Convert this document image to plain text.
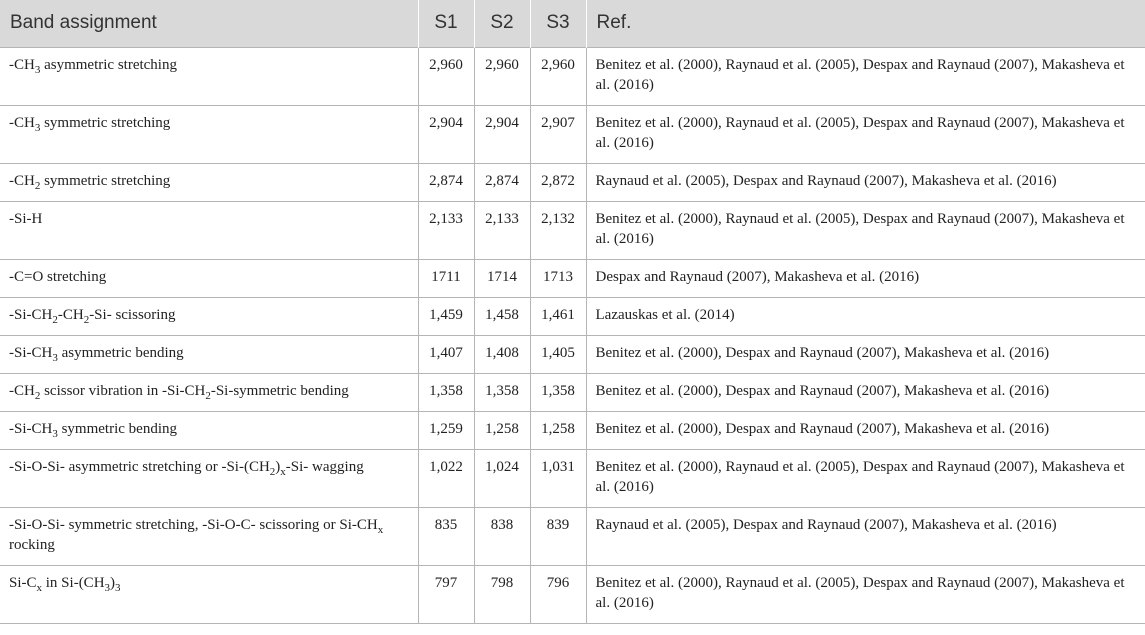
Band assignment	S1	S2	S3	Ref.
$-CH_3$ asymmetric stretching	2,960	2,960	2,960	Benitez et al. (2000), Raynaud et al. (2005), Despax and Raynaud (2007), Makasheva et al. (2016)
$-CH_3$ symmetric stretching	2,904	2,904	2,907	Benitez et al. (2000), Raynaud et al. (2005), Despax and Raynaud (2007), Makasheva et al. (2016)
$-CH_2$ symmetric stretching	2,874	2,874	2,872	Raynaud et al. (2005), Despax and Raynaud (2007), Makasheva et al. (2016)
-Si-H	2,133	2,133	2,132	Benitez et al. (2000), Raynaud et al. (2005), Despax and Raynaud (2007), Makasheva et al. (2016)
-C=O stretching	1711	1714	1713	Despax and Raynaud (2007), Makasheva et al. (2016)
$-Si-CH_2-CH_2-Si-$ scissoring	1,459	1,458	1,461	Lazauskas et al. (2014)
$-Si-CH_3$ asymmetric bending	1,407	1,408	1,405	Benitez et al. (2000), Despax and Raynaud (2007), Makasheva et al. (2016)
$-CH_2$ scissor vibration in $-Si-CH_2-Si$-symmetric bending	1,358	1,358	1,358	Benitez et al. (2000), Despax and Raynaud (2007), Makasheva et al. (2016)
$-Si-CH_3$ symmetric bending	1,259	1,258	1,258	Benitez et al. (2000), Despax and Raynaud (2007), Makasheva et al. (2016)
-Si-O-Si- asymmetric stretching or $-Si-(CH_2)_x-Si-$ wagging	1,022	1,024	1,031	Benitez et al. (2000), Raynaud et al. (2005), Despax and Raynaud (2007), Makasheva et al. (2016)
-Si-O-Si- symmetric stretching, -Si-O-C- scissoring or $Si-CH_x$ rocking	835	838	839	Raynaud et al. (2005), Despax and Raynaud (2007), Makasheva et al. (2016)
$Si-C_x$ in $Si-(CH_3)_3$	797	798	796	Benitez et al. (2000), Raynaud et al. (2005), Despax and Raynaud (2007), Makasheva et al. (2016)
